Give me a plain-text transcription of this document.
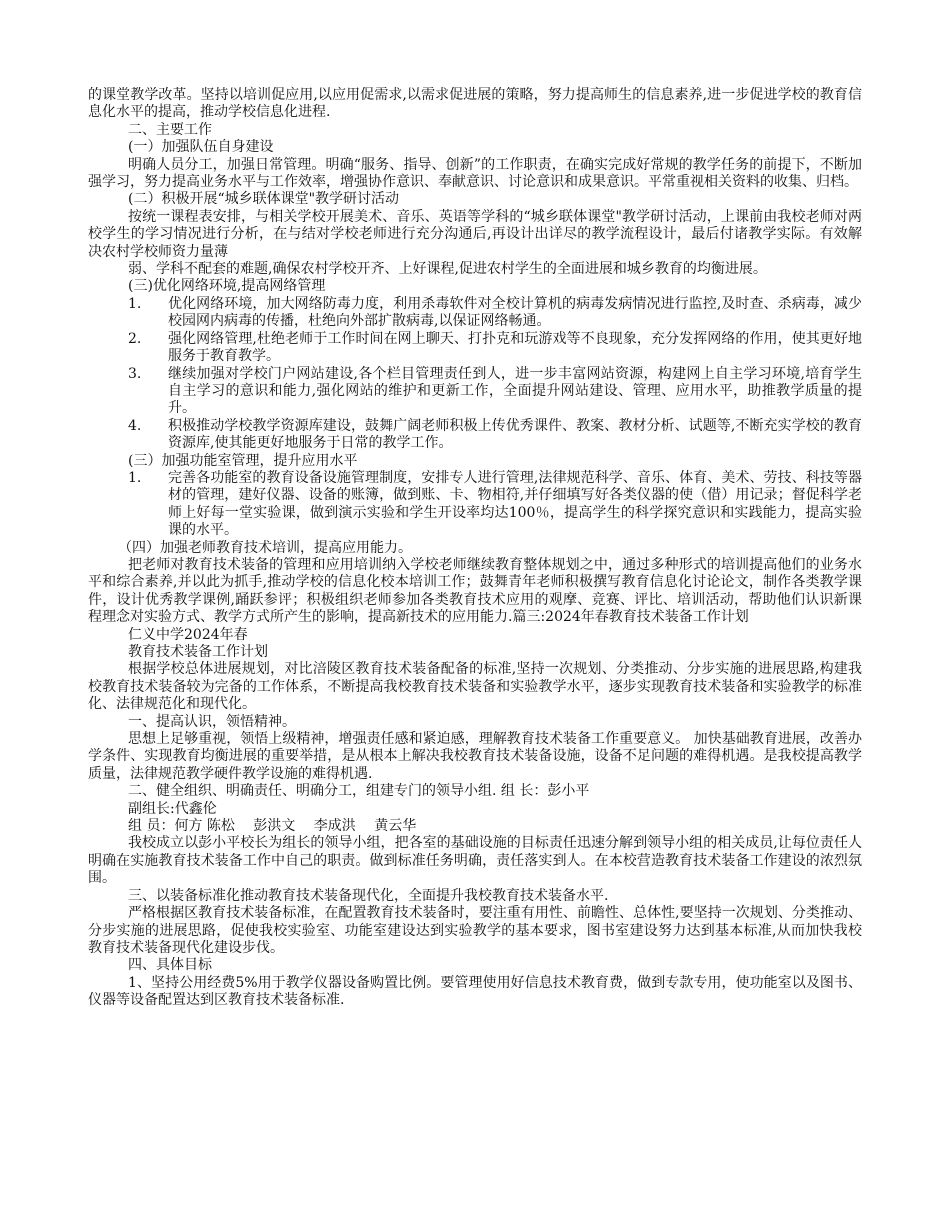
的课堂教学改革。坚持以培训促应用,以应用促需求,以需求促进展的策略，努力提高师生的信息素养,进一步促进学校的教育信息化水平的提高，推动学校信息化进程.

二、主要工作

(一）加强队伍自身建设

明确人员分工，加强日常管理。明确“服务、指导、创新”的工作职责，在确实完成好常规的教学任务的前提下，不断加强学习，努力提高业务水平与工作效率，增强协作意识、奉献意识、讨论意识和成果意识。平常重视相关资料的收集、归档。

(二）积极开展“城乡联体课堂"教学研讨活动

按统一课程表安排，与相关学校开展美术、音乐、英语等学科的“城乡联体课堂"教学研讨活动，上课前由我校老师对两校学生的学习情况进行分析，在与结对学校老师进行充分沟通后,再设计出详尽的教学流程设计，最后付诸教学实际。有效解决农村学校师资力量薄

弱、学科不配套的难题,确保农村学校开齐、上好课程,促进农村学生的全面进展和城乡教育的均衡进展。

(三)优化网络环境,提高网络管理

1.	优化网络环境，加大网络防毒力度，利用杀毒软件对全校计算机的病毒发病情况进行监控,及时查、杀病毒，减少校园网内病毒的传播，杜绝向外部扩散病毒,以保证网络畅通。
2.	强化网络管理,杜绝老师于工作时间在网上聊天、打扑克和玩游戏等不良现象，充分发挥网络的作用，使其更好地服务于教育教学。
3.	继续加强对学校门户网站建设,各个栏目管理责任到人，进一步丰富网站资源，构建网上自主学习环境,培育学生自主学习的意识和能力,强化网站的维护和更新工作，全面提升网站建设、管理、应用水平，助推教学质量的提升。
4.	积极推动学校教学资源库建设，鼓舞广阔老师积极上传优秀课件、教案、教材分析、试题等,不断充实学校的教育资源库,使其能更好地服务于日常的教学工作。

(三）加强功能室管理，提升应用水平

1.	完善各功能室的教育设备设施管理制度，安排专人进行管理,法律规范科学、音乐、体育、美术、劳技、科技等器材的管理，建好仪器、设备的账簿，做到账、卡、物相符,并仔细填写好各类仪器的使（借）用记录；督促科学老师上好每一堂实验课，做到演示实验和学生开设率均达100％，提高学生的科学探究意识和实践能力，提高实验课的水平。

（四）加强老师教育技术培训，提高应用能力。

把老师对教育技术装备的管理和应用培训纳入学校老师继续教育整体规划之中，通过多种形式的培训提高他们的业务水平和综合素养,并以此为抓手,推动学校的信息化校本培训工作；鼓舞青年老师积极撰写教育信息化讨论论文，制作各类教学课件，设计优秀教学课例,踊跃参评；积极组织老师参加各类教育技术应用的观摩、竞赛、评比、培训活动，帮助他们认识新课程理念对实验方式、教学方式所产生的影响，提高新技术的应用能力.篇三:2024年春教育技术装备工作计划

仁义中学2024年春

教育技术装备工作计划

根据学校总体进展规划，对比涪陵区教育技术装备配备的标准,坚持一次规划、分类推动、分步实施的进展思路,构建我校教育技术装备较为完备的工作体系，不断提高我校教育技术装备和实验教学水平，逐步实现教育技术装备和实验教学的标准化、法律规范化和现代化。

一、提高认识，领悟精神。

思想上足够重视，领悟上级精神，增强责任感和紧迫感，理解教育技术装备工作重要意义。 加快基础教育进展，改善办学条件、实现教育均衡进展的重要举措，是从根本上解决我校教育技术装备设施，设备不足问题的难得机遇。是我校提高教学质量，法律规范教学硬件教学设施的难得机遇.

二、健全组织、明确责任、明确分工，组建专门的领导小组. 组 长：彭小平

副组长:代鑫伦

组 员：何方 陈松　 彭洪文　 李成洪　 黄云华

我校成立以彭小平校长为组长的领导小组，把各室的基础设施的目标责任迅速分解到领导小组的相关成员,让每位责任人明确在实施教育技术装备工作中自己的职责。做到标准任务明确，责任落实到人。在本校营造教育技术装备工作建设的浓烈氛围。

三、以装备标准化推动教育技术装备现代化，全面提升我校教育技术装备水平.

严格根据区教育技术装备标准，在配置教育技术装备时，要注重有用性、前瞻性、总体性,要坚持一次规划、分类推动、分步实施的进展思路，促使我校实验室、功能室建设达到实验教学的基本要求，图书室建设努力达到基本标准,从而加快我校教育技术装备现代化建设步伐。

四、具体目标

1、坚持公用经费5%用于教学仪器设备购置比例。要管理使用好信息技术教育费，做到专款专用，使功能室以及图书、仪器等设备配置达到区教育技术装备标准.
